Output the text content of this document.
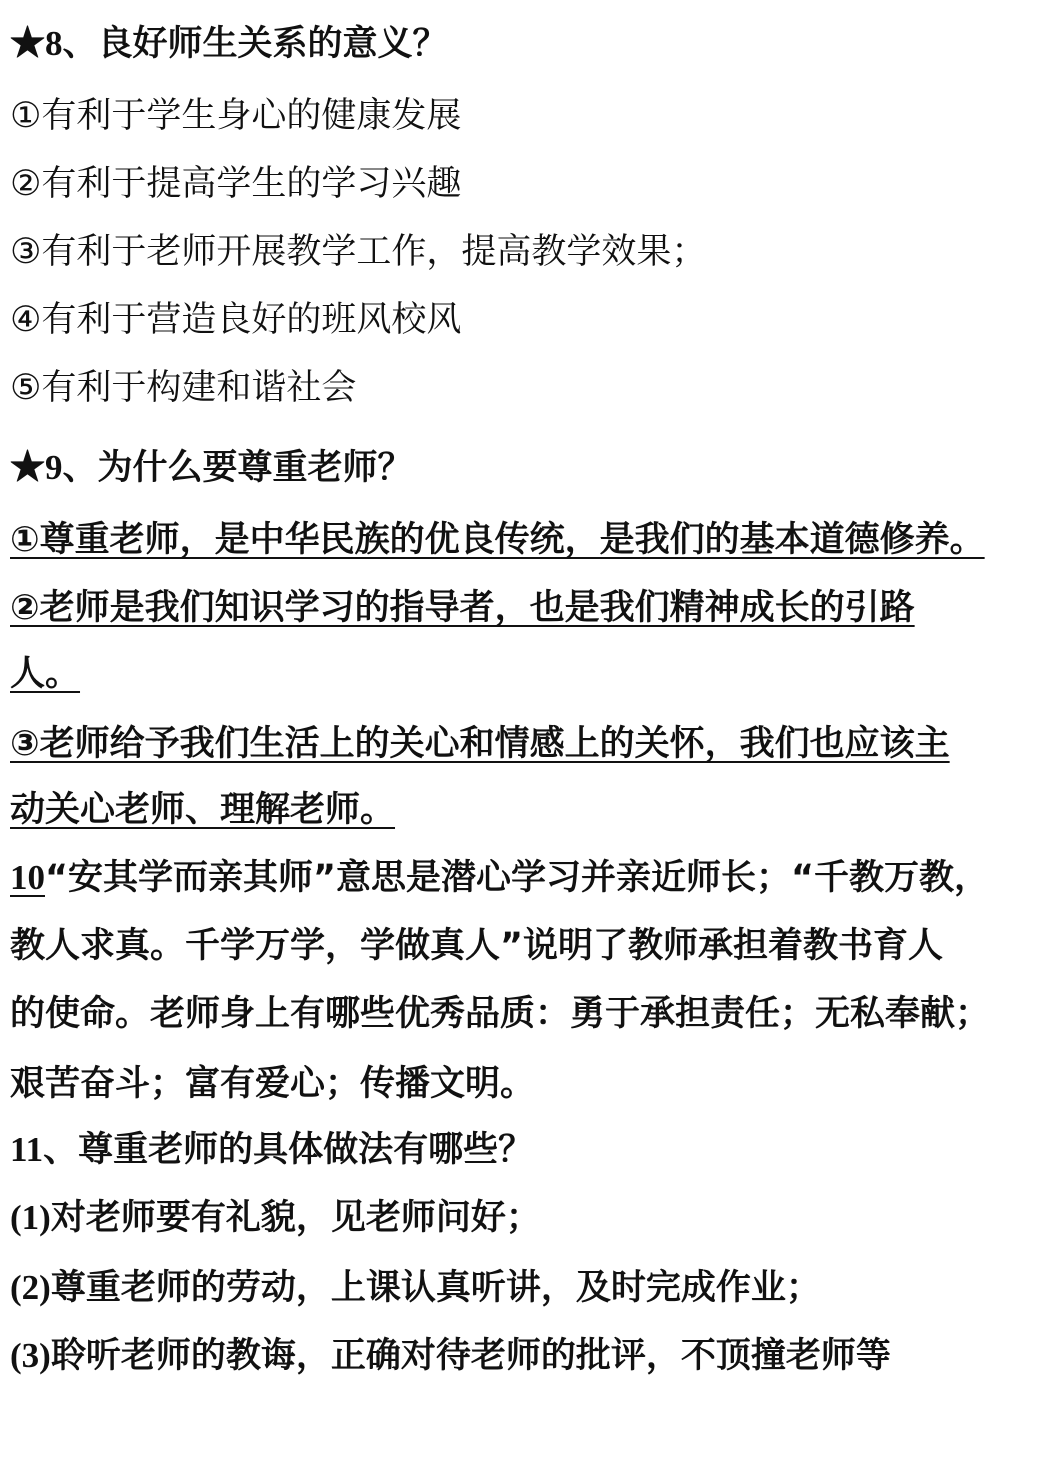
★8、良好师生关系的意义？
①有利于学生身心的健康发展
②有利于提高学生的学习兴趣
③有利于老师开展教学工作，提高教学效果；
④有利于营造良好的班风校风
⑤有利于构建和谐社会
★9、为什么要尊重老师？
①尊重老师，是中华民族的优良传统，是我们的基本道德修养。
②老师是我们知识学习的指导者，也是我们精神成长的引路
人。
③老师给予我们生活上的关心和情感上的关怀，我们也应该主
动关心老师、理解老师。
10“安其学而亲其师”意思是潜心学习并亲近师长；“千教万教，
教人求真。千学万学，学做真人”说明了教师承担着教书育人
的使命。老师身上有哪些优秀品质：勇于承担责任；无私奉献；
艰苦奋斗；富有爱心；传播文明。
11、尊重老师的具体做法有哪些？
(1)对老师要有礼貌，见老师问好；
(2)尊重老师的劳动，上课认真听讲，及时完成作业；
(3)聆听老师的教诲，正确对待老师的批评，不顶撞老师等
